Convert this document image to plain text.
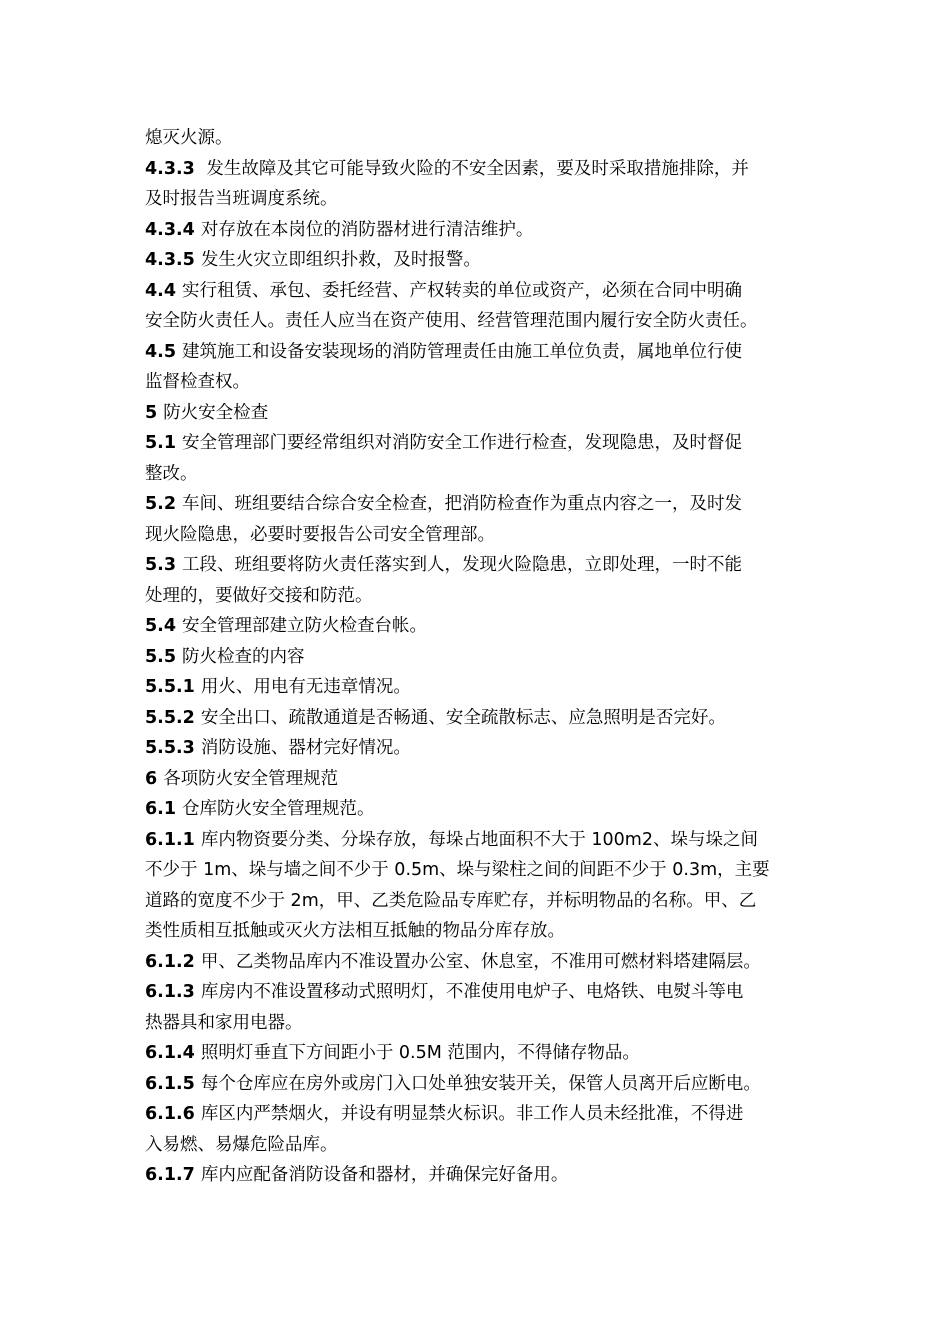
熄灭火源。
4.3.3 发生故障及其它可能导致火险的不安全因素，要及时采取措施排除，并
及时报告当班调度系统。
4.3.4 对存放在本岗位的消防器材进行清洁维护。
4.3.5 发生火灾立即组织扑救，及时报警。
4.4 实行租赁、承包、委托经营、产权转卖的单位或资产，必须在合同中明确
安全防火责任人。责任人应当在资产使用、经营管理范围内履行安全防火责任。
4.5 建筑施工和设备安装现场的消防管理责任由施工单位负责，属地单位行使
监督检查权。
5 防火安全检查
5.1 安全管理部门要经常组织对消防安全工作进行检查，发现隐患，及时督促
整改。
5.2 车间、班组要结合综合安全检查，把消防检查作为重点内容之一，及时发
现火险隐患，必要时要报告公司安全管理部。
5.3 工段、班组要将防火责任落实到人，发现火险隐患，立即处理，一时不能
处理的，要做好交接和防范。
5.4 安全管理部建立防火检查台帐。
5.5 防火检查的内容
5.5.1 用火、用电有无违章情况。
5.5.2 安全出口、疏散通道是否畅通、安全疏散标志、应急照明是否完好。
5.5.3 消防设施、器材完好情况。
6 各项防火安全管理规范
6.1 仓库防火安全管理规范。
6.1.1 库内物资要分类、分垛存放，每垛占地面积不大于 100m2、垛与垛之间
不少于 1m、垛与墙之间不少于 0.5m、垛与梁柱之间的间距不少于 0.3m，主要
道路的宽度不少于 2m，甲、乙类危险品专库贮存，并标明物品的名称。甲、乙
类性质相互抵触或灭火方法相互抵触的物品分库存放。
6.1.2 甲、乙类物品库内不准设置办公室、休息室，不准用可燃材料塔建隔层。
6.1.3 库房内不准设置移动式照明灯，不准使用电炉子、电烙铁、电熨斗等电
热器具和家用电器。
6.1.4 照明灯垂直下方间距小于 0.5M 范围内，不得储存物品。
6.1.5 每个仓库应在房外或房门入口处单独安装开关，保管人员离开后应断电。
6.1.6 库区内严禁烟火，并设有明显禁火标识。非工作人员未经批准，不得进
入易燃、易爆危险品库。
6.1.7 库内应配备消防设备和器材，并确保完好备用。
